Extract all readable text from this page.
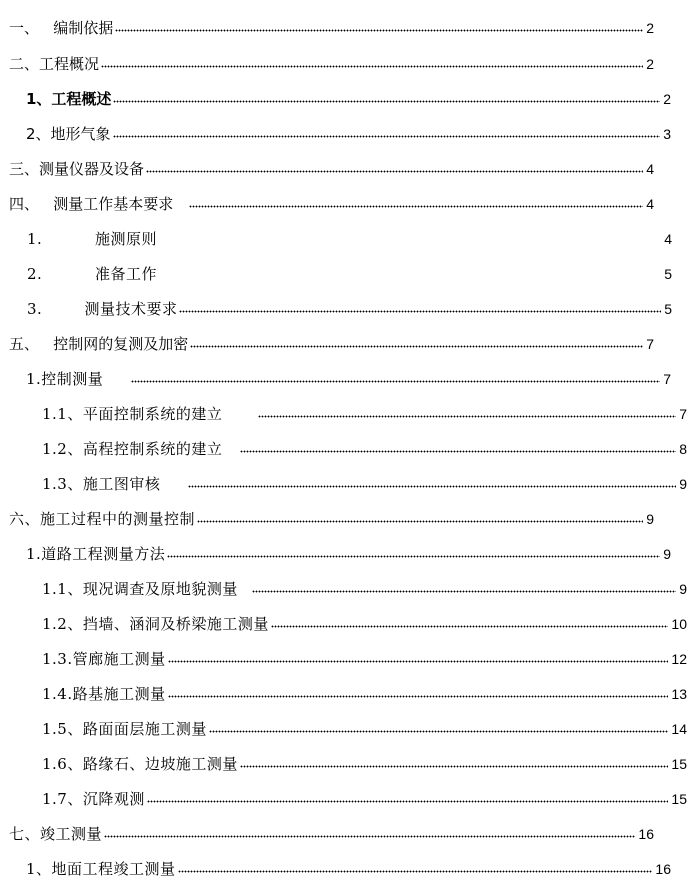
一、   编制依据	2
二、工程概况	2
1、工程概述	2
2、地形气象	3
三、测量仪器及设备	4
四、   测量工作基本要求	4
1.          施测原则	4
2.          准备工作	5
3.        测量技术要求	5
五、   控制网的复测及加密	7
1.控制测量	7
1.1、平面控制系统的建立	7
1.2、高程控制系统的建立	8
1.3、施工图审核	9
六、施工过程中的测量控制	9
1.道路工程测量方法	9
1.1、现况调查及原地貌测量	9
1.2、挡墙、涵洞及桥梁施工测量	10
1.3.管廊施工测量	12
1.4.路基施工测量	13
1.5、路面面层施工测量	14
1.6、路缘石、边坡施工测量	15
1.7、沉降观测	15
七、竣工测量	16
1、地面工程竣工测量	16
